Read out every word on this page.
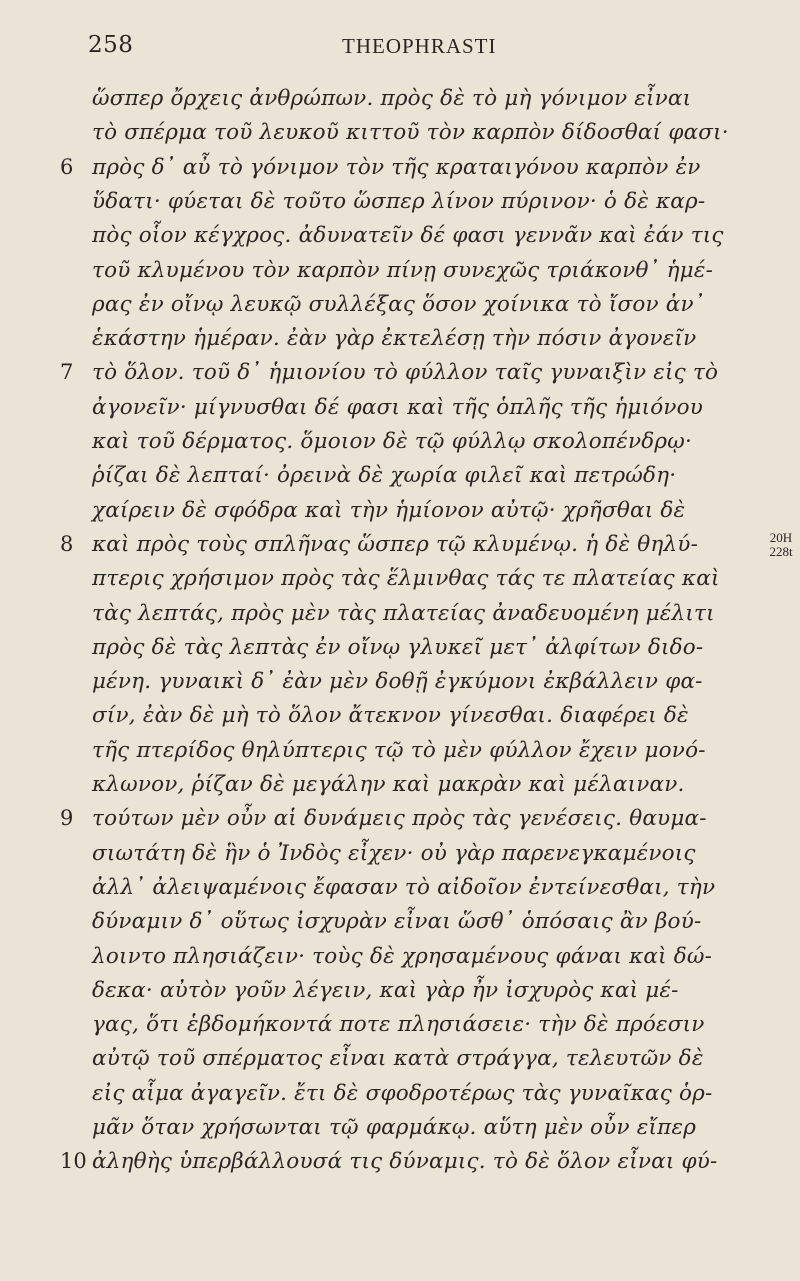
258	THEOPHRASTI
20H
228t
ὥσπερ ὄρχεις ἀνθρώπων. πρὸς δὲ τὸ μὴ γόνιμον εἶναι
τὸ σπέρμα τοῦ λευκοῦ κιττοῦ τὸν καρπὸν δίδοσθαί φασι·
6 πρὸς δ᾽ αὖ τὸ γόνιμον τὸν τῆς κραταιγόνου καρπὸν ἐν
ὕδατι· φύεται δὲ τοῦτο ὥσπερ λίνον πύρινον· ὁ δὲ καρ-
πὸς οἷον κέγχρος. ἀδυνατεῖν δέ φασι γεννᾶν καὶ ἐάν τις
τοῦ κλυμένου τὸν καρπὸν πίνῃ συνεχῶς τριάκονθ᾽ ἡμέ-
ρας ἐν οἴνῳ λευκῷ συλλέξας ὅσον χοίνικα τὸ ἴσον ἀν᾽
ἑκάστην ἡμέραν. ἐὰν γὰρ ἐκτελέσῃ τὴν πόσιν ἀγονεῖν
7 τὸ ὅλον. τοῦ δ᾽ ἡμιονίου τὸ φύλλον ταῖς γυναιξὶν εἰς τὸ
ἀγονεῖν· μίγνυσθαι δέ φασι καὶ τῆς ὁπλῆς τῆς ἡμιόνου
καὶ τοῦ δέρματος. ὅμοιον δὲ τῷ φύλλῳ σκολοπένδρῳ·
ῥίζαι δὲ λεπταί· ὀρεινὰ δὲ χωρία φιλεῖ καὶ πετρώδη·
χαίρειν δὲ σφόδρα καὶ τὴν ἡμίονον αὐτῷ· χρῆσθαι δὲ
8 καὶ πρὸς τοὺς σπλῆνας ὥσπερ τῷ κλυμένῳ. ἡ δὲ θηλύ-
πτερις χρήσιμον πρὸς τὰς ἕλμινθας τάς τε πλατείας καὶ
τὰς λεπτάς, πρὸς μὲν τὰς πλατείας ἀναδευομένη μέλιτι
πρὸς δὲ τὰς λεπτὰς ἐν οἴνῳ γλυκεῖ μετ᾽ ἀλφίτων διδο-
μένη. γυναικὶ δ᾽ ἐὰν μὲν δοθῇ ἐγκύμονι ἐκβάλλειν φα-
σίν, ἐὰν δὲ μὴ τὸ ὅλον ἄτεκνον γίνεσθαι. διαφέρει δὲ
τῆς πτερίδος θηλύπτερις τῷ τὸ μὲν φύλλον ἔχειν μονό-
κλωνον, ῥίζαν δὲ μεγάλην καὶ μακρὰν καὶ μέλαιναν.
9 τούτων μὲν οὖν αἱ δυνάμεις πρὸς τὰς γενέσεις. θαυμα-
σιωτάτη δὲ ἣν ὁ Ἰνδὸς εἶχεν· οὐ γὰρ παρενεγκαμένοις
ἀλλ᾽ ἀλειψαμένοις ἔφασαν τὸ αἰδοῖον ἐντείνεσθαι, τὴν
δύναμιν δ᾽ οὕτως ἰσχυρὰν εἶναι ὥσθ᾽ ὁπόσαις ἂν βού-
λοιντο πλησιάζειν· τοὺς δὲ χρησαμένους φάναι καὶ δώ-
δεκα· αὐτὸν γοῦν λέγειν, καὶ γὰρ ἦν ἰσχυρὸς καὶ μέ-
γας, ὅτι ἑβδομήκοντά ποτε πλησιάσειε· τὴν δὲ πρόεσιν
αὐτῷ τοῦ σπέρματος εἶναι κατὰ στράγγα, τελευτῶν δὲ
εἰς αἷμα ἀγαγεῖν. ἔτι δὲ σφοδροτέρως τὰς γυναῖκας ὁρ-
μᾶν ὅταν χρήσωνται τῷ φαρμάκῳ. αὕτη μὲν οὖν εἴπερ
10 ἀληθὴς ὑπερβάλλουσά τις δύναμις. τὸ δὲ ὅλον εἶναι φύ-
